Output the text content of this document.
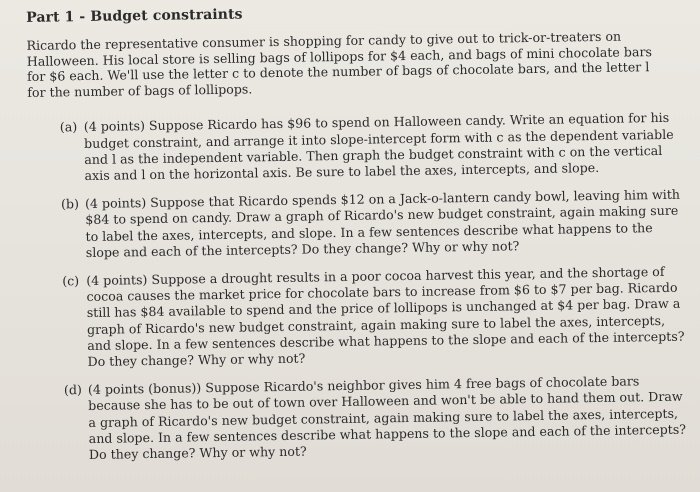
Part 1 - Budget constraints
Ricardo the representative consumer is shopping for candy to give out to trick-or-treaters on Halloween. His local store is selling bags of lollipops for $4 each, and bags of mini chocolate bars for $6 each. We'll use the letter c to denote the number of bags of chocolate bars, and the letter l for the number of bags of lollipops.
(a) (4 points) Suppose Ricardo has $96 to spend on Halloween candy. Write an equation for his budget constraint, and arrange it into slope-intercept form with c as the dependent variable and l as the independent variable. Then graph the budget constraint with c on the vertical axis and l on the horizontal axis. Be sure to label the axes, intercepts, and slope.
(b) (4 points) Suppose that Ricardo spends $12 on a Jack-o-lantern candy bowl, leaving him with $84 to spend on candy. Draw a graph of Ricardo's new budget constraint, again making sure to label the axes, intercepts, and slope. In a few sentences describe what happens to the slope and each of the intercepts? Do they change? Why or why not?
(c) (4 points) Suppose a drought results in a poor cocoa harvest this year, and the shortage of cocoa causes the market price for chocolate bars to increase from $6 to $7 per bag. Ricardo still has $84 available to spend and the price of lollipops is unchanged at $4 per bag. Draw a graph of Ricardo's new budget constraint, again making sure to label the axes, intercepts, and slope. In a few sentences describe what happens to the slope and each of the intercepts? Do they change? Why or why not?
(d) (4 points (bonus)) Suppose Ricardo's neighbor gives him 4 free bags of chocolate bars because she has to be out of town over Halloween and won't be able to hand them out. Draw a graph of Ricardo's new budget constraint, again making sure to label the axes, intercepts, and slope. In a few sentences describe what happens to the slope and each of the intercepts? Do they change? Why or why not?
